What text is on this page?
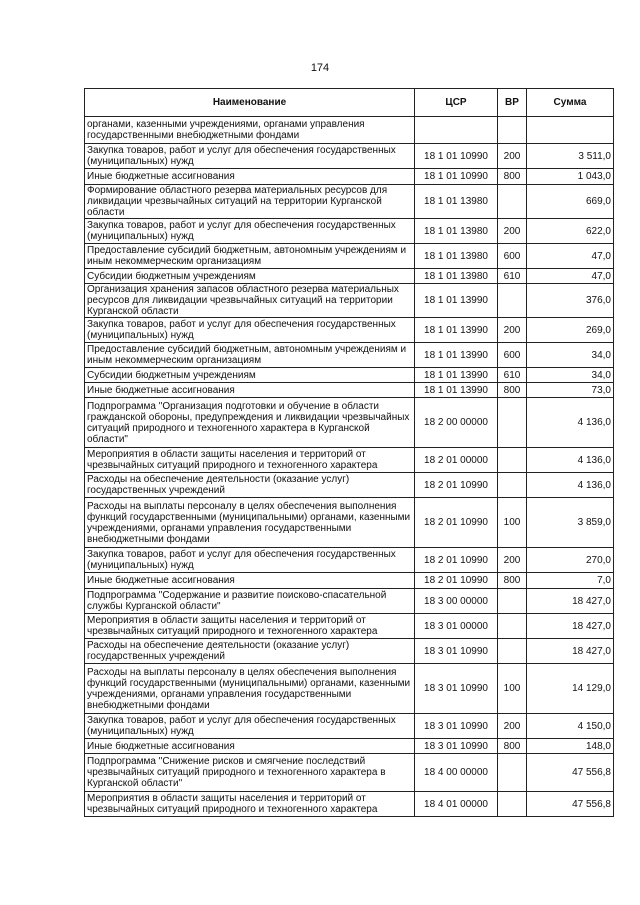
174
Наименование	ЦСР	ВР	Сумма
органами, казенными учреждениями, органами управления государственными внебюджетными фондами			
Закупка товаров, работ и услуг для обеспечения государственных (муниципальных) нужд	18 1 01 10990	200	3 511,0
Иные бюджетные ассигнования	18 1 01 10990	800	1 043,0
Формирование областного резерва материальных ресурсов для ликвидации чрезвычайных ситуаций на территории Курганской области	18 1 01 13980		669,0
Закупка товаров, работ и услуг для обеспечения государственных (муниципальных) нужд	18 1 01 13980	200	622,0
Предоставление субсидий бюджетным, автономным учреждениям и иным некоммерческим организациям	18 1 01 13980	600	47,0
Субсидии бюджетным учреждениям	18 1 01 13980	610	47,0
Организация хранения запасов областного резерва материальных ресурсов для ликвидации чрезвычайных ситуаций на территории Курганской области	18 1 01 13990		376,0
Закупка товаров, работ и услуг для обеспечения государственных (муниципальных) нужд	18 1 01 13990	200	269,0
Предоставление субсидий бюджетным, автономным учреждениям и иным некоммерческим организациям	18 1 01 13990	600	34,0
Субсидии бюджетным учреждениям	18 1 01 13990	610	34,0
Иные бюджетные ассигнования	18 1 01 13990	800	73,0
Подпрограмма "Организация подготовки и обучение в области гражданской обороны, предупреждения и ликвидации чрезвычайных ситуаций природного и техногенного характера в Курганской области"	18 2 00 00000		4 136,0
Мероприятия в области защиты населения и территорий от чрезвычайных ситуаций природного и техногенного характера	18 2 01 00000		4 136,0
Расходы на обеспечение деятельности (оказание услуг) государственных учреждений	18 2 01 10990		4 136,0
Расходы на выплаты персоналу в целях обеспечения выполнения функций государственными (муниципальными) органами, казенными учреждениями, органами управления государственными внебюджетными фондами	18 2 01 10990	100	3 859,0
Закупка товаров, работ и услуг для обеспечения государственных (муниципальных) нужд	18 2 01 10990	200	270,0
Иные бюджетные ассигнования	18 2 01 10990	800	7,0
Подпрограмма "Содержание и развитие поисково-спасательной службы Курганской области"	18 3 00 00000		18 427,0
Мероприятия в области защиты населения и территорий от чрезвычайных ситуаций природного и техногенного характера	18 3 01 00000		18 427,0
Расходы на обеспечение деятельности (оказание услуг) государственных учреждений	18 3 01 10990		18 427,0
Расходы на выплаты персоналу в целях обеспечения выполнения функций государственными (муниципальными) органами, казенными учреждениями, органами управления государственными внебюджетными фондами	18 3 01 10990	100	14 129,0
Закупка товаров, работ и услуг для обеспечения государственных (муниципальных) нужд	18 3 01 10990	200	4 150,0
Иные бюджетные ассигнования	18 3 01 10990	800	148,0
Подпрограмма "Снижение рисков и смягчение последствий чрезвычайных ситуаций природного и техногенного характера в Курганской области"	18 4 00 00000		47 556,8
Мероприятия в области защиты населения и территорий от чрезвычайных ситуаций природного и техногенного характера	18 4 01 00000		47 556,8
